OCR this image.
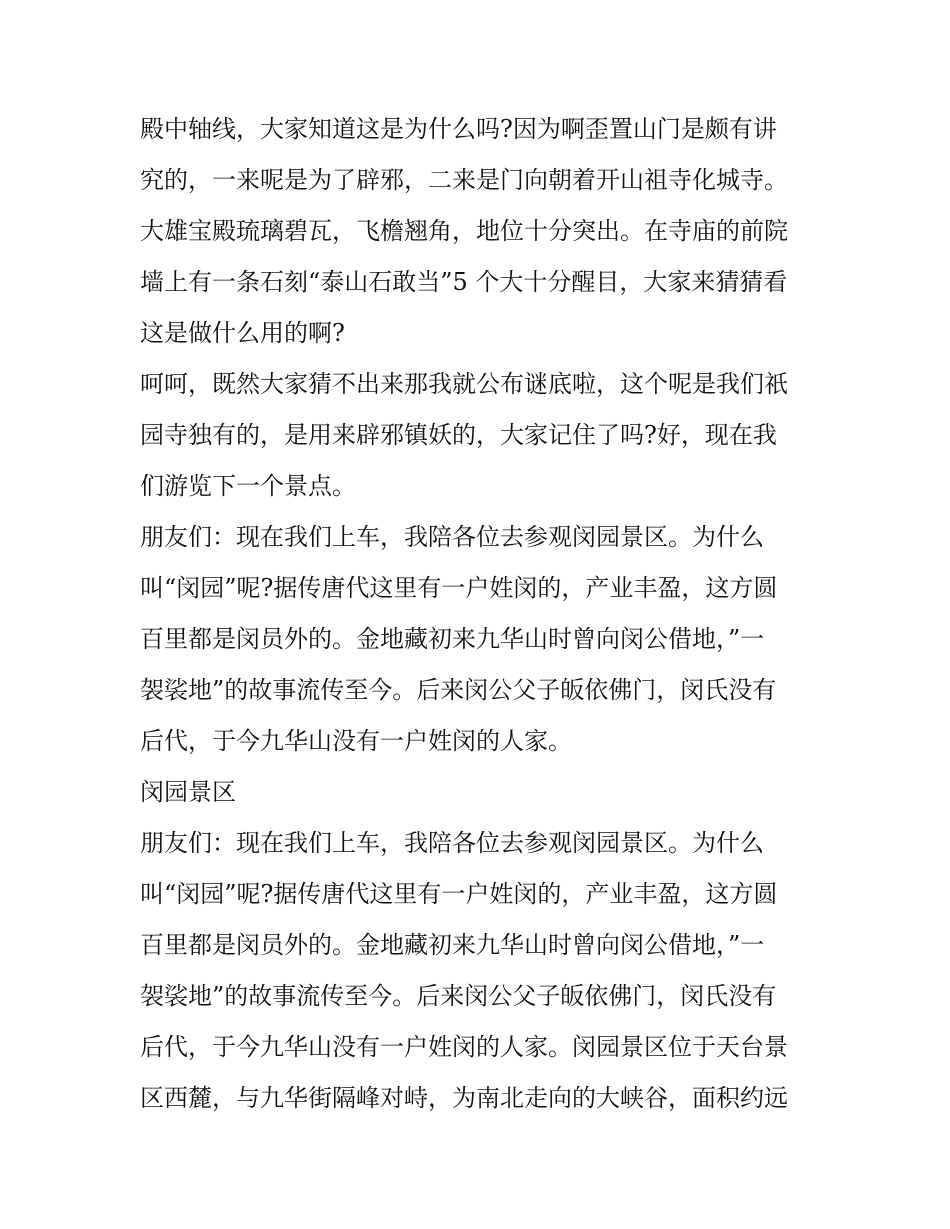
殿中轴线，大家知道这是为什么吗?因为啊歪置山门是颇有讲
究的，一来呢是为了辟邪，二来是门向朝着开山祖寺化城寺。
大雄宝殿琉璃碧瓦，飞檐翘角，地位十分突出。在寺庙的前院
墙上有一条石刻“泰山石敢当”5 个大十分醒目，大家来猜猜看
这是做什么用的啊?
呵呵，既然大家猜不出来那我就公布谜底啦，这个呢是我们祇
园寺独有的，是用来辟邪镇妖的，大家记住了吗?好，现在我
们游览下一个景点。
朋友们：现在我们上车，我陪各位去参观闵园景区。为什么
叫“闵园”呢?据传唐代这里有一户姓闵的，产业丰盈，这方圆
百里都是闵员外的。金地藏初来九华山时曾向闵公借地，”一
袈裟地”的故事流传至今。后来闵公父子皈依佛门，闵氏没有
后代，于今九华山没有一户姓闵的人家。
闵园景区
朋友们：现在我们上车，我陪各位去参观闵园景区。为什么
叫“闵园”呢?据传唐代这里有一户姓闵的，产业丰盈，这方圆
百里都是闵员外的。金地藏初来九华山时曾向闵公借地，”一
袈裟地”的故事流传至今。后来闵公父子皈依佛门，闵氏没有
后代，于今九华山没有一户姓闵的人家。闵园景区位于天台景
区西麓，与九华街隔峰对峙，为南北走向的大峡谷，面积约远
